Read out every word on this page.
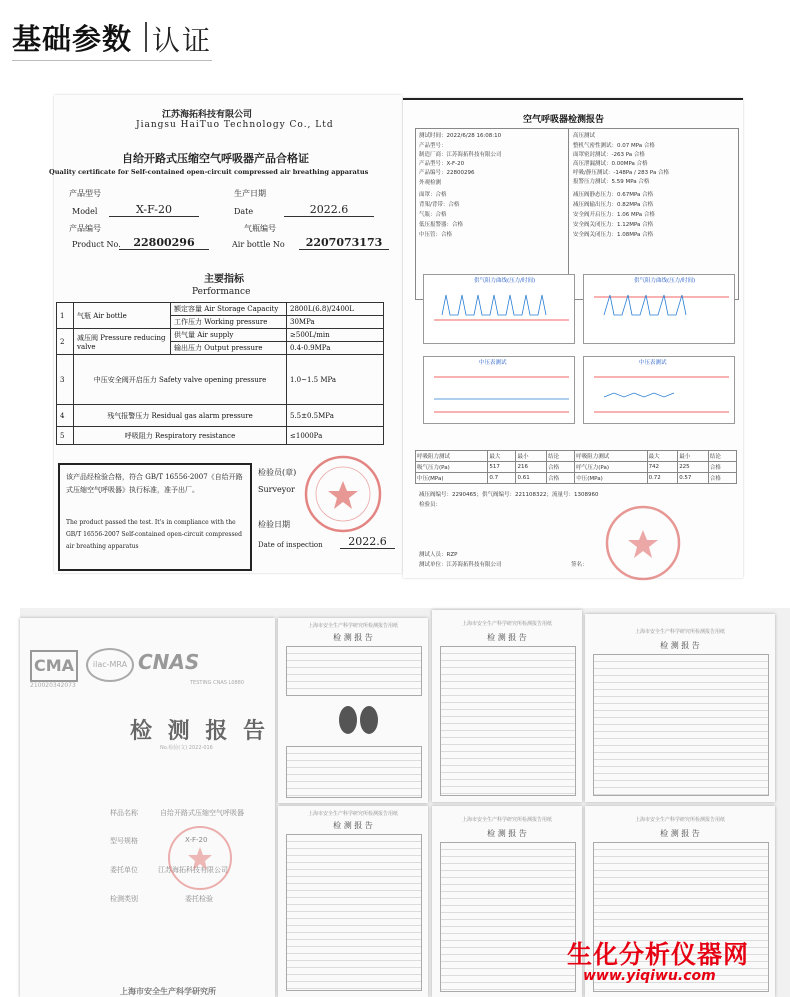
基础参数 认证
江苏海拓科技有限公司
Jiangsu HaiTuo Technology Co., Ltd
自给开路式压缩空气呼吸器产品合格证
Quality certificate for Self-contained open-circuit compressed air breathing apparatus
产品型号
Model	X-F-20
生产日期
Date	2022.6
产品编号
Product No.	22800296
气瓶编号
Air bottle No	2207073173
主要指标
Performance
1	气瓶 Air bottle	额定容量 Air Storage Capacity	2800L(6.8)/2400L
		工作压力 Working pressure	30MPa
2	减压阀 Pressure reducing valve	供气量 Air supply	≥500L/min
		输出压力 Output pressure	0.4-0.9MPa
3	中压安全阀开启压力 Safety valve opening pressure		1.0~1.5 MPa
4	残气报警压力 Residual gas alarm pressure		5.5±0.5MPa
5	呼吸阻力 Respiratory resistance		≤1000Pa
该产品经检验合格，符合 GB/T 16556-2007《自给开路式压缩空气呼吸器》执行标准，准予出厂。
The product passed the test. It's in compliance with the GB/T 16556-2007 Self-contained open-circuit compressed air breathing apparatus
检验员(章)
Surveyor
检验日期
Date of inspection	2022.6
空气呼吸器检测报告
测试时间：2022/6/28 16:08:10
产品型号：
制造厂商：江苏海拓科技有限公司
产品型号：X-F-20
产品编号：22800296
外观检测
面罩：合格
背架/背带：合格
气瓶：合格
低压报警器：合格
中压管：合格
高压测试
整机气密性测试：0.07 MPa 合格
面罩密封测试：-263 Pa 合格
高压泄漏测试：0.00MPa 合格
呼吸/静压测试：-148Pa / 283 Pa 合格
报警压力测试：5.59 MPa 合格
减压阀静态压力：0.67MPa 合格
减压阀输出压力：0.82MPa 合格
安全阀开启压力：1.06 MPa 合格
安全阀关闭压力：1.12MPa 合格
安全阀关闭压力：1.08MPa 合格
供气阻力曲线(压力/时间)	供气阻力曲线(压力/时间)
中压表测试	中压表测试
呼吸阻力测试	最大	最小	结论	呼吸阻力测试	最大	最小	结论
吸气压力(Pa)	517	216	合格	呼气压力(Pa)	742	225	合格
中压(MPa)	0.7	0.61	合格	中压(MPa)	0.72	0.57	合格
减压阀编号：2290465；供气阀编号：221108322；流量号：1308960
检验员：
测试人员：RZP
测试单位：江苏海拓科技有限公司	签名：
CMA	ilac-MRA CNAS
TESTING CNAS L0880
210020342073
检 测 报 告
No.检验(文) 2022-016
样品名称	自给开路式压缩空气呼吸器
型号规格	X-F-20
委托单位	江苏海拓科技有限公司
检测类别	委托检验
上海市安全生产科学研究所
上海市安全生产科学研究所检测报告用纸
检 测 报 告
上海市安全生产科学研究所检测报告用纸
检 测 报 告
上海市安全生产科学研究所检测报告用纸
检 测 报 告
上海市安全生产科学研究所检测报告用纸
检 测 报 告
上海市安全生产科学研究所检测报告用纸
检 测 报 告
上海市安全生产科学研究所检测报告用纸
检 测 报 告
生化分析仪器网
www.yiqiwu.com
